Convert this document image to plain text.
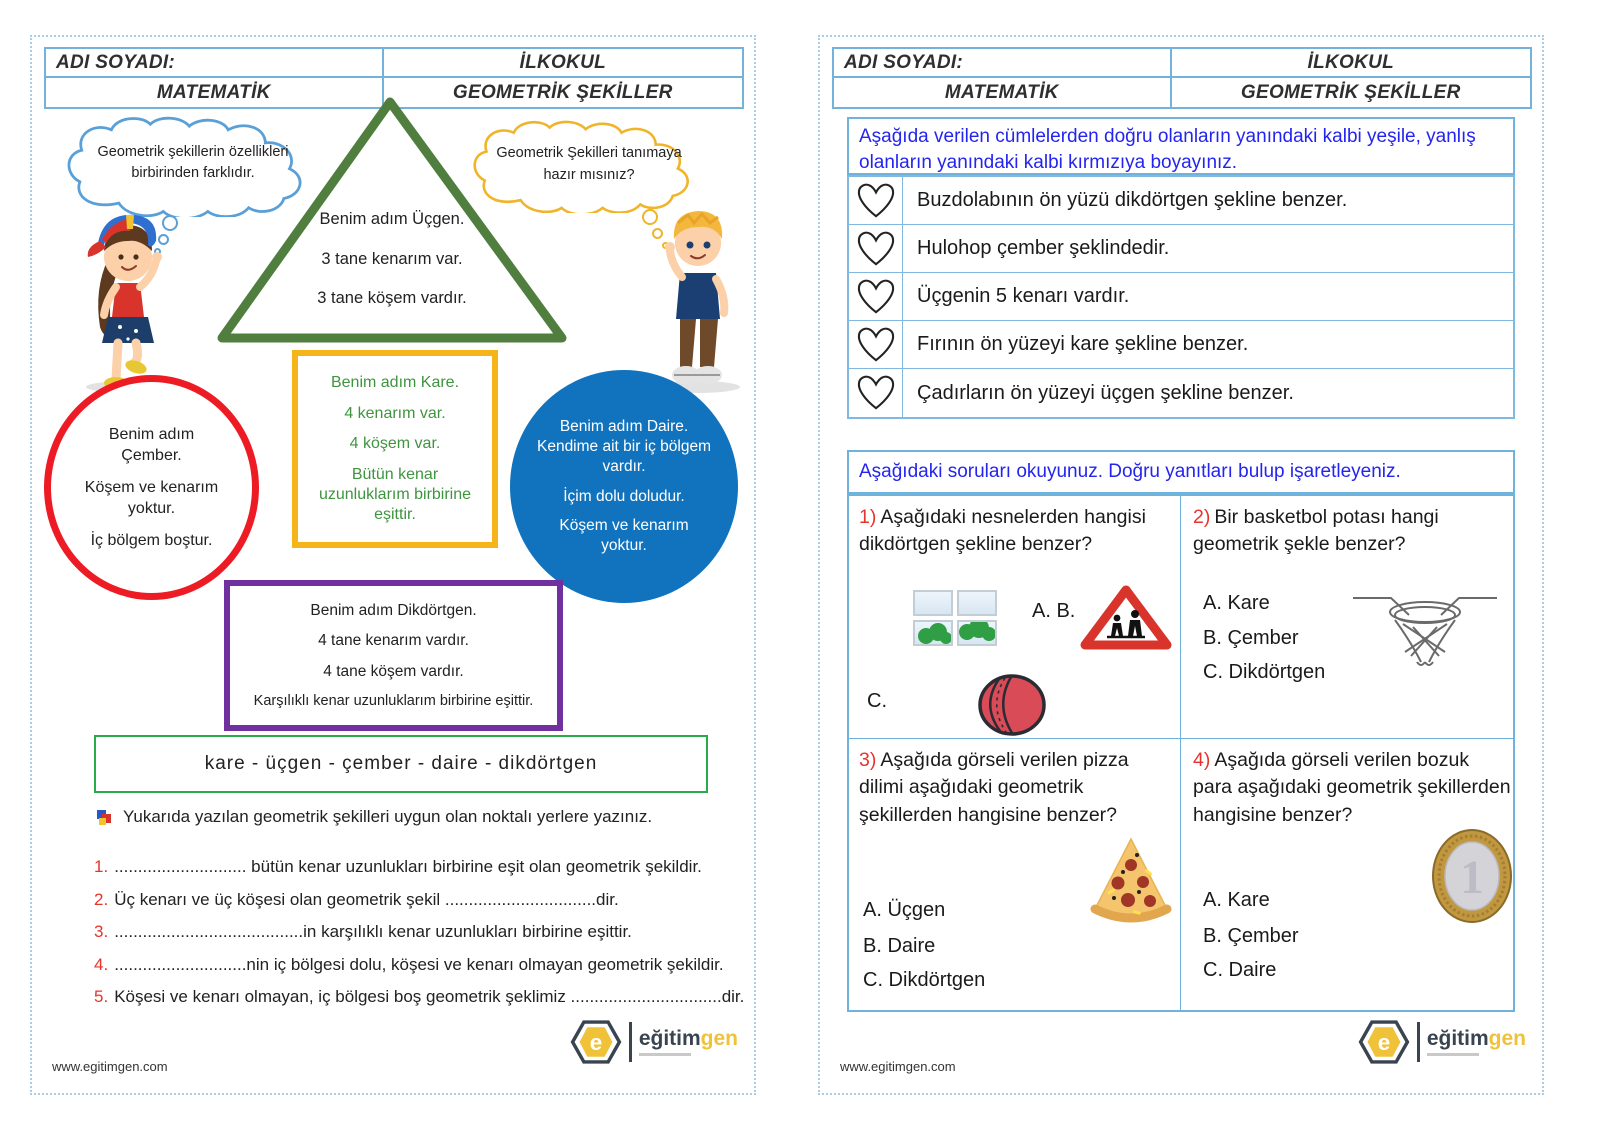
ADI SOYADI:	İLKOKUL
MATEMATİK	GEOMETRİK ŞEKİLLER
Geometrik şekillerin özellikleri birbirinden farklıdır.
Geometrik Şekilleri tanımaya hazır mısınız?
Benim adım Üçgen.
3 tane kenarım var.
3 tane köşem vardır.
Benim adım Kare.
4 kenarım var.
4 köşem var.
Bütün kenar uzunluklarım birbirine eşittir.
Benim adım Çember.
Köşem ve kenarım yoktur.
İç bölgem boştur.
Benim adım Daire. Kendime ait bir iç bölgem vardır.
İçim dolu doludur.
Köşem ve kenarım yoktur.
Benim adım Dikdörtgen.
4 tane kenarım vardır.
4 tane köşem vardır.
Karşılıklı kenar uzunluklarım birbirine eşittir.
kare - üçgen - çember - daire - dikdörtgen
Yukarıda yazılan geometrik şekilleri uygun olan noktalı yerlere yazınız.
1. ............................ bütün kenar uzunlukları birbirine eşit olan geometrik şekildir.
2. Üç kenarı ve üç köşesi olan geometrik şekil ................................dir.
3. ........................................in karşılıklı kenar uzunlukları birbirine eşittir.
4. ............................nin iç bölgesi dolu, köşesi ve kenarı olmayan geometrik şekildir.
5. Köşesi ve kenarı olmayan, iç bölgesi boş geometrik şeklimiz ................................dir.
www.egitimgen.com
e eğitimgen
ADI SOYADI:	İLKOKUL
MATEMATİK	GEOMETRİK ŞEKİLLER
Aşağıda verilen cümlelerden doğru olanların yanındaki kalbi yeşile, yanlış olanların yanındaki kalbi kırmızıya boyayınız.
Buzdolabının ön yüzü dikdörtgen şekline benzer.
Hulohop çember şeklindedir.
Üçgenin 5 kenarı vardır.
Fırının ön yüzeyi kare şekline benzer.
Çadırların ön yüzeyi üçgen şekline benzer.
Aşağıdaki soruları okuyunuz. Doğru yanıtları bulup işaretleyeniz.
1) Aşağıdaki nesnelerden hangisi dikdörtgen şekline benzer?
A. B.
C.
2) Bir basketbol potası hangi geometrik şekle benzer?
A. Kare
B. Çember
C. Dikdörtgen
3) Aşağıda görseli verilen pizza dilimi aşağıdaki geometrik şekillerden hangisine benzer?
A. Üçgen
B. Daire
C. Dikdörtgen
4) Aşağıda görseli verilen bozuk para aşağıdaki geometrik şekillerden hangisine benzer?
1
A. Kare
B. Çember
C. Daire
www.egitimgen.com
e eğitimgen
